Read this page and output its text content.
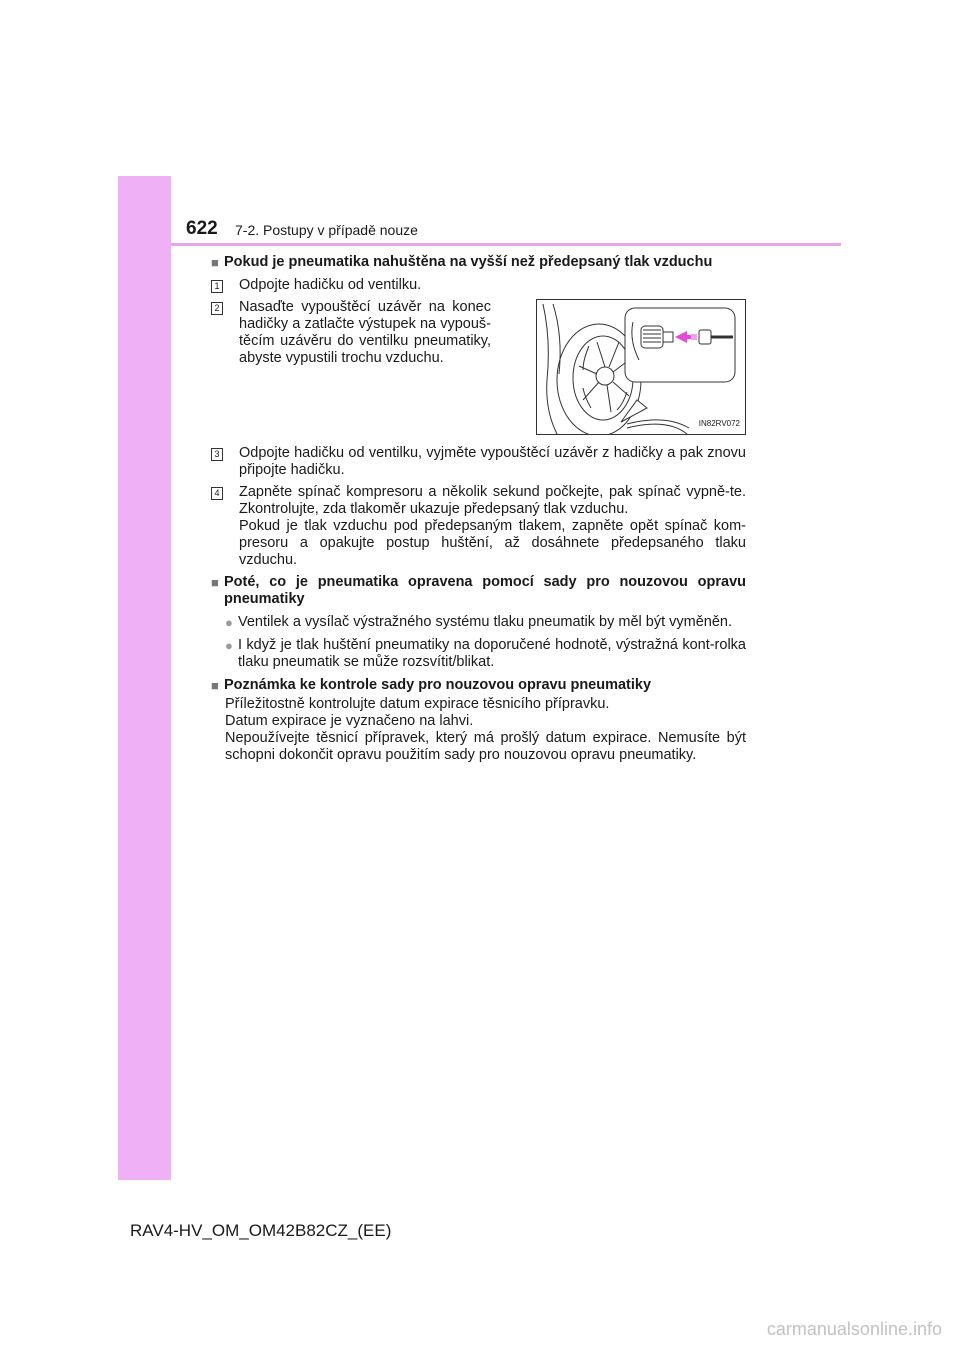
622 7-2. Postupy v případě nouze
■ Pokud je pneumatika nahuštěna na vyšší než předepsaný tlak vzduchu
1 Odpojte hadičku od ventilku.
2 Nasaďte vypouštěcí uzávěr na konec hadičky a zatlačte výstupek na vypouš-těcím uzávěru do ventilku pneumatiky, abyste vypustili trochu vzduchu.
IN82RV072
3 Odpojte hadičku od ventilku, vyjměte vypouštěcí uzávěr z hadičky a pak znovu připojte hadičku.
4 Zapněte spínač kompresoru a několik sekund počkejte, pak spínač vypně-te. Zkontrolujte, zda tlakoměr ukazuje předepsaný tlak vzduchu.
Pokud je tlak vzduchu pod předepsaným tlakem, zapněte opět spínač kom-presoru a opakujte postup huštění, až dosáhnete předepsaného tlaku vzduchu.
■ Poté, co je pneumatika opravena pomocí sady pro nouzovou opravu pneumatiky
● Ventilek a vysílač výstražného systému tlaku pneumatik by měl být vyměněn.
● I když je tlak huštění pneumatiky na doporučené hodnotě, výstražná kont-rolka tlaku pneumatik se může rozsvítit/blikat.
■ Poznámka ke kontrole sady pro nouzovou opravu pneumatiky
Příležitostně kontrolujte datum expirace těsnicího přípravku.
Datum expirace je vyznačeno na lahvi.
Nepoužívejte těsnicí přípravek, který má prošlý datum expirace. Nemusíte být schopni dokončit opravu použitím sady pro nouzovou opravu pneumatiky.
RAV4-HV_OM_OM42B82CZ_(EE)
carmanualsonline.info
